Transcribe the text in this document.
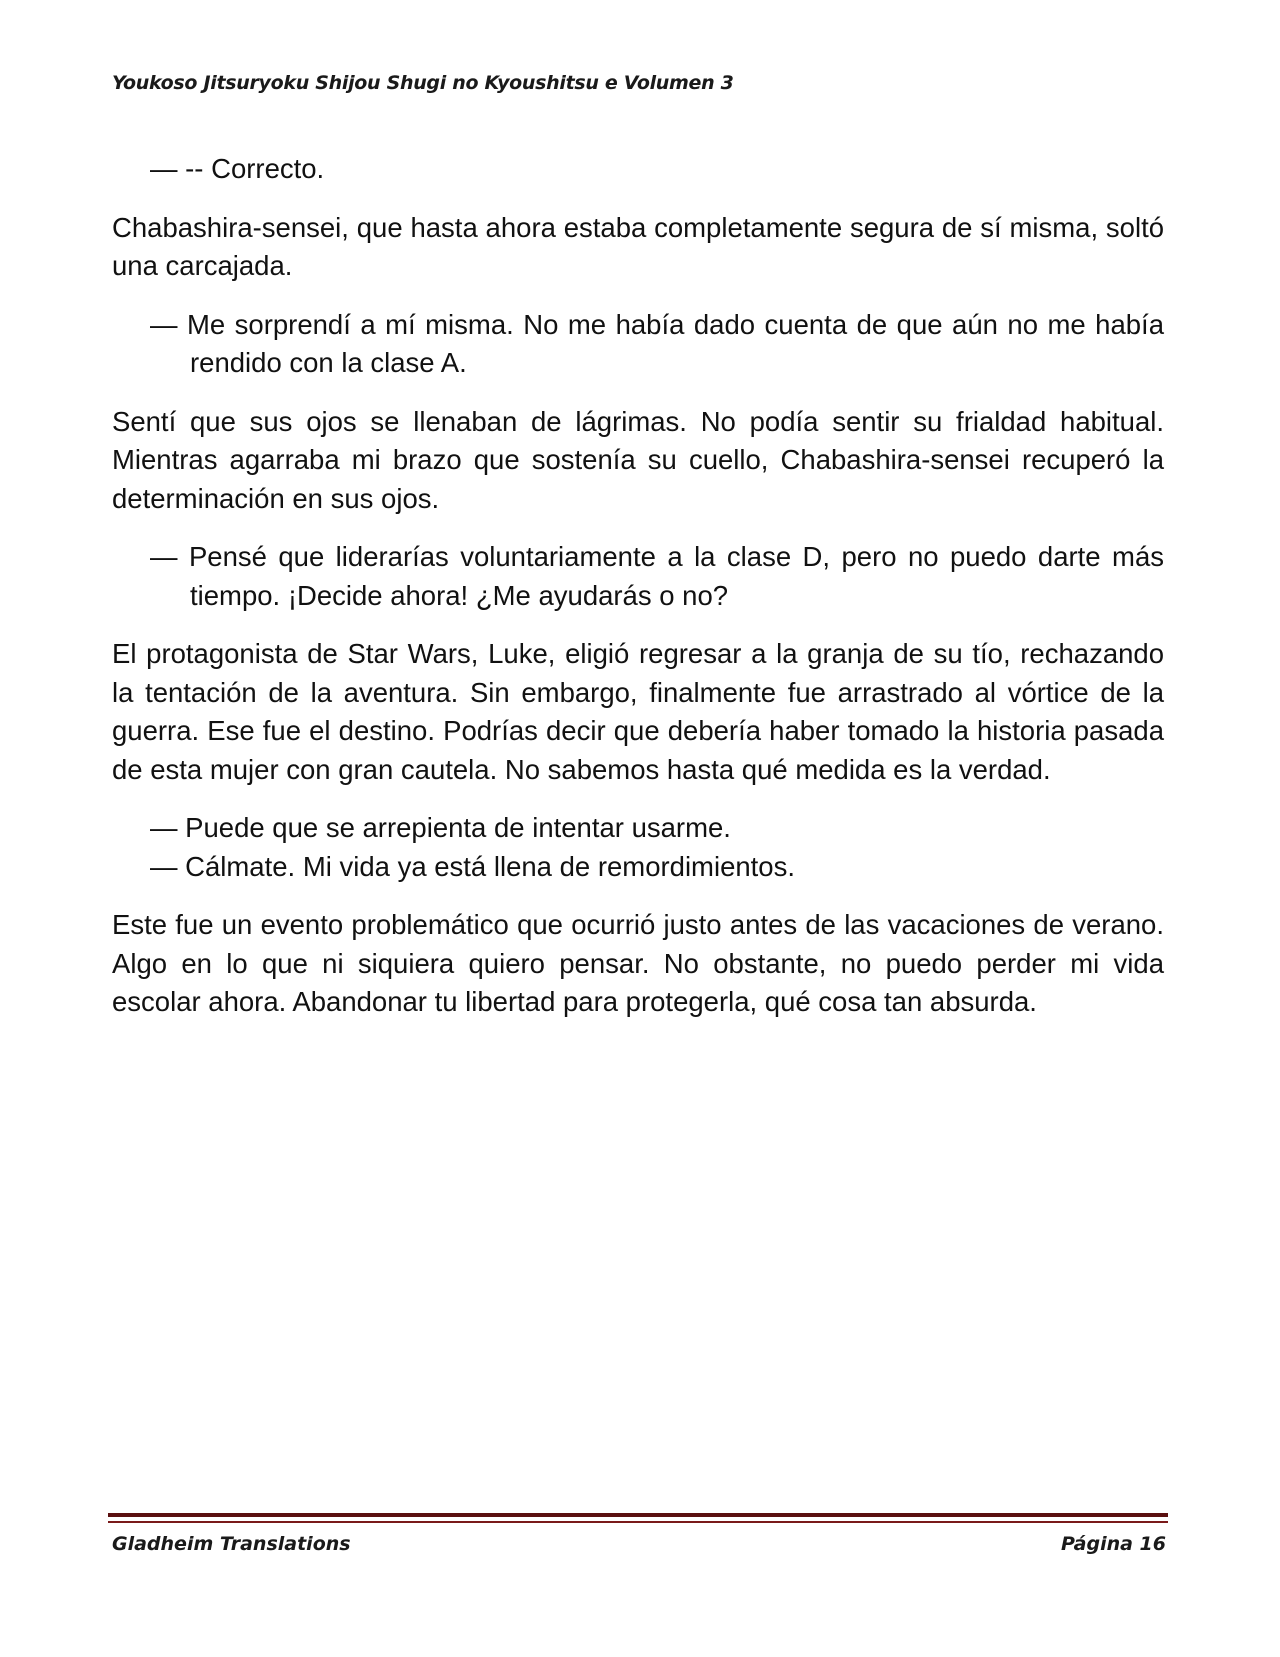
Youkoso Jitsuryoku Shijou Shugi no Kyoushitsu e Volumen 3

— -- Correcto.

Chabashira-sensei, que hasta ahora estaba completamente segura de sí misma, soltó una carcajada.

— Me sorprendí a mí misma. No me había dado cuenta de que aún no me había rendido con la clase A.

Sentí que sus ojos se llenaban de lágrimas. No podía sentir su frialdad habitual. Mientras agarraba mi brazo que sostenía su cuello, Chabashira-sensei recuperó la determinación en sus ojos.

— Pensé que liderarías voluntariamente a la clase D, pero no puedo darte más tiempo. ¡Decide ahora! ¿Me ayudarás o no?

El protagonista de Star Wars, Luke, eligió regresar a la granja de su tío, rechazando la tentación de la aventura. Sin embargo, finalmente fue arrastrado al vórtice de la guerra. Ese fue el destino. Podrías decir que debería haber tomado la historia pasada de esta mujer con gran cautela. No sabemos hasta qué medida es la verdad.

— Puede que se arrepienta de intentar usarme.

— Cálmate. Mi vida ya está llena de remordimientos.

Este fue un evento problemático que ocurrió justo antes de las vacaciones de verano. Algo en lo que ni siquiera quiero pensar. No obstante, no puedo perder mi vida escolar ahora. Abandonar tu libertad para protegerla, qué cosa tan absurda.

Gladheim Translations	Página 16
